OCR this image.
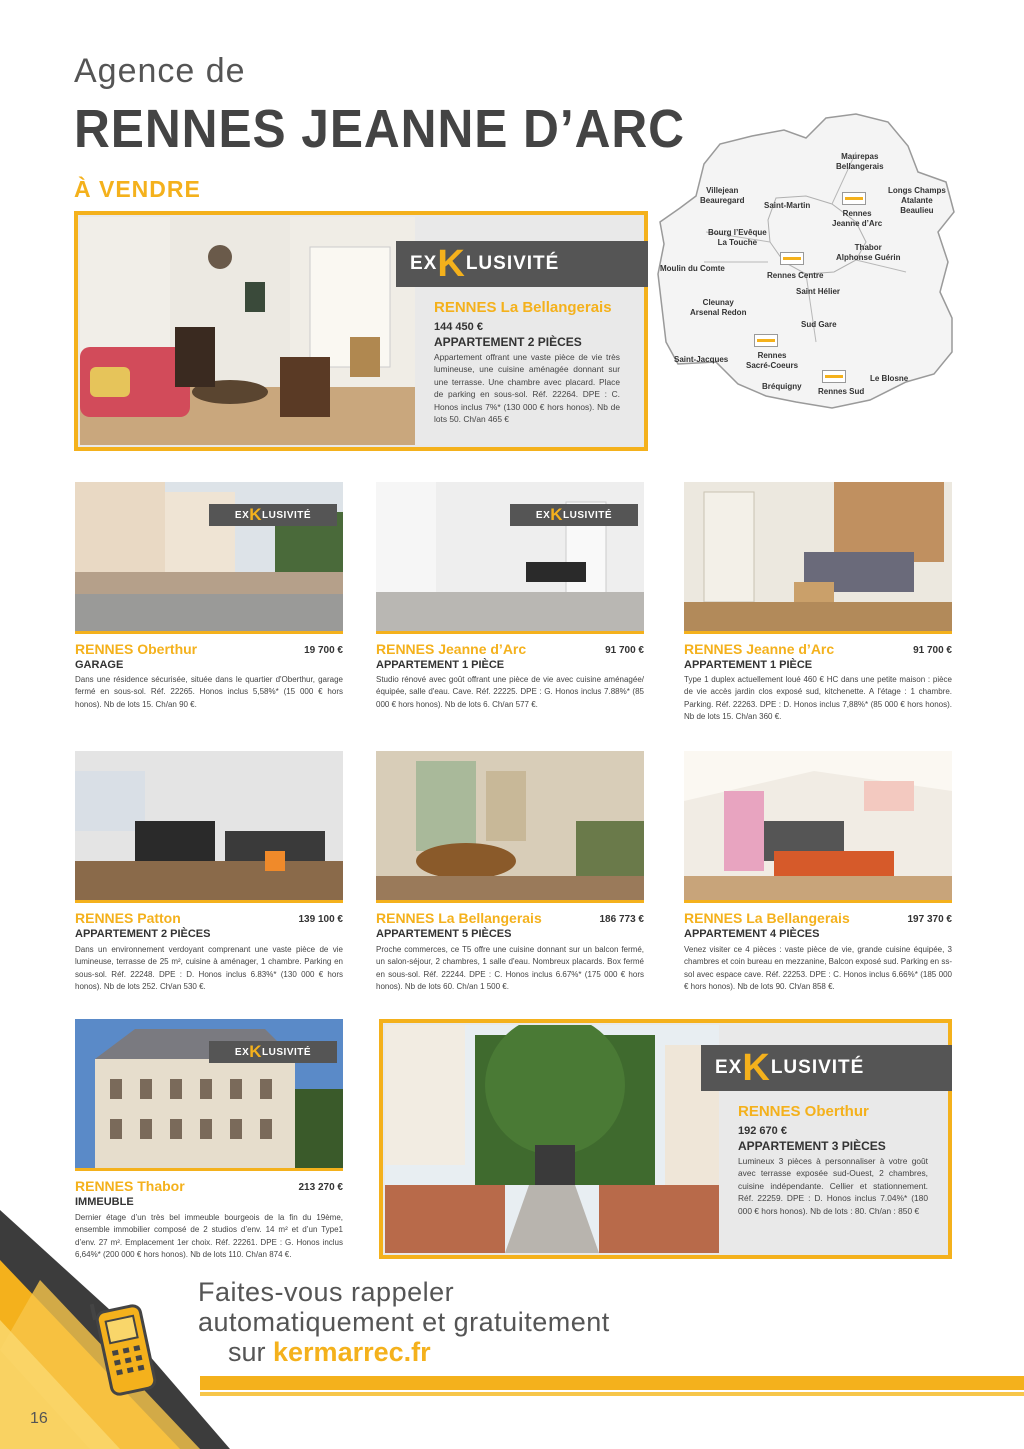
Agence de
RENNES JEANNE D’ARC
À VENDRE
Maurepas
Bellangerais
Longs Champs
Atalante
Beaulieu
Villejean
Beauregard
Saint-Martin
Rennes
Jeanne d’Arc
Bourg l’Evêque
La Touche
Thabor
Alphonse Guérin
Moulin du Comte
Rennes Centre
Saint Hélier
Cleunay
Arsenal Redon
Sud Gare
Saint-Jacques	Rennes
Sacré-Coeurs
Le Blosne
Bréquigny
Rennes Sud
EX K LUSIVITÉ
RENNES La Bellangerais
144 450 €
APPARTEMENT 2 PIÈCES
Appartement offrant une vaste pièce de vie très lumineuse, une cuisine aménagée donnant sur une terrasse. Une chambre avec placard. Place de parking en sous-sol. Réf. 22264. DPE : C. Honos inclus 7%* (130 000 € hors honos). Nb de lots 50. Ch/an 465 €
EX K LUSIVITÉ
RENNES Oberthur	19 700 €
GARAGE
Dans une résidence sécurisée, située dans le quartier d'Oberthur, garage fermé en sous-sol. Réf. 22265. Honos inclus 5,58%* (15 000 € hors honos). Nb de lots 15. Ch/an 90 €.
EX K LUSIVITÉ
RENNES Jeanne d’Arc	91 700 €
APPARTEMENT 1 PIÈCE
Studio rénové avec goût offrant une pièce de vie avec cuisine aménagée/équipée, salle d'eau. Cave. Réf. 22225. DPE : G. Honos inclus 7.88%* (85 000 € hors honos). Nb de lots 6. Ch/an 577 €.
RENNES Jeanne d’Arc	91 700 €
APPARTEMENT 1 PIÈCE
Type 1 duplex actuellement loué 460 € HC dans une petite maison : pièce de vie accès jardin clos exposé sud, kitchenette. A l'étage : 1 chambre. Parking. Réf. 22263. DPE : D. Honos inclus 7,88%* (85 000 € hors honos). Nb de lots 15. Ch/an 360 €.
RENNES Patton	139 100 €
APPARTEMENT 2 PIÈCES
Dans un environnement verdoyant comprenant une vaste pièce de vie lumineuse, terrasse de 25 m², cuisine à aménager, 1 chambre. Parking en sous-sol. Réf. 22248. DPE : D. Honos inclus 6.83%* (130 000 € hors honos). Nb de lots 252. Ch/an 530 €.
RENNES La Bellangerais	186 773 €
APPARTEMENT 5 PIÈCES
Proche commerces, ce T5 offre une cuisine donnant sur un balcon fermé, un salon-séjour, 2 chambres, 1 salle d'eau. Nombreux placards. Box fermé en sous-sol. Réf. 22244. DPE : C. Honos inclus 6.67%* (175 000 € hors honos). Nb de lots 60. Ch/an 1 500 €.
RENNES La Bellangerais	197 370 €
APPARTEMENT 4 PIÈCES
Venez visiter ce 4 pièces : vaste pièce de vie, grande cuisine équipée, 3 chambres et coin bureau en mezzanine, Balcon exposé sud. Parking en ss-sol avec espace cave. Réf. 22253. DPE : C. Honos inclus 6.66%* (185 000 € hors honos). Nb de lots 90. Ch/an 858 €.
EX K LUSIVITÉ
RENNES Thabor	213 270 €
IMMEUBLE
Dernier étage d’un très bel immeuble bourgeois de la fin du 19ème, ensemble immobilier composé de 2 studios d’env. 14 m² et d’un Type1 d’env. 27 m². Emplacement 1er choix. Réf. 22261. DPE : G. Honos inclus 6,64%* (200 000 € hors honos). Nb de lots 110. Ch/an 874 €.
EX K LUSIVITÉ
RENNES Oberthur
192 670 €
APPARTEMENT 3 PIÈCES
Lumineux 3 pièces à personnaliser à votre goût avec terrasse exposée sud-Ouest, 2 chambres, cuisine indépendante. Cellier et stationnement. Réf. 22259. DPE : D. Honos inclus 7.04%* (180 000 € hors honos). Nb de lots : 80. Ch/an : 850 €
Faites-vous rappeler
automatiquement et gratuitement
sur kermarrec.fr
16
